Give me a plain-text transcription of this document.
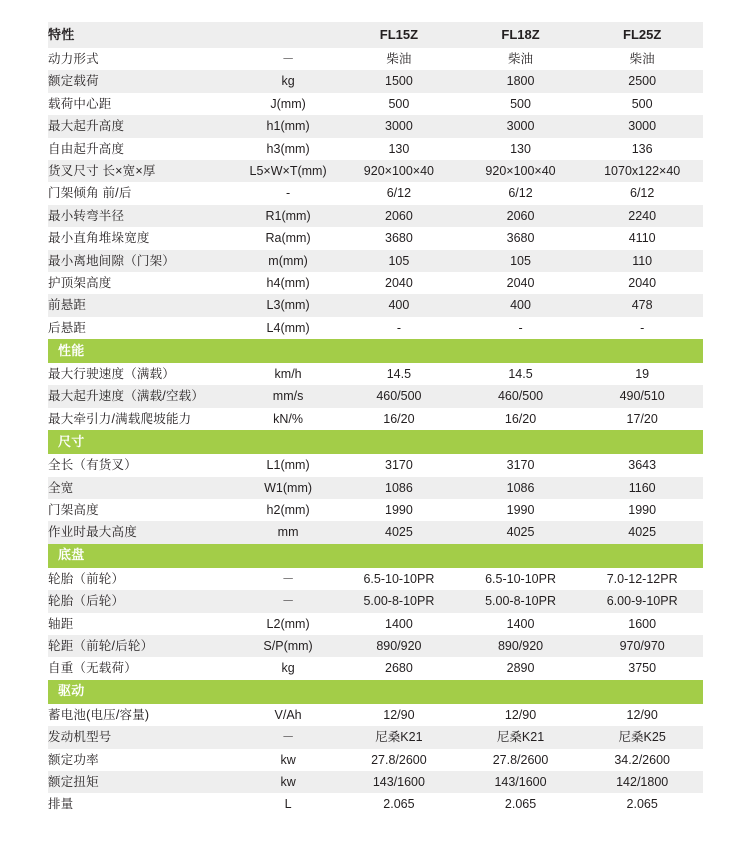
特性		FL15Z	FL18Z	FL25Z
动力形式	－	柴油	柴油	柴油
额定载荷	kg	1500	1800	2500
载荷中心距	J(mm)	500	500	500
最大起升高度	h1(mm)	3000	3000	3000
自由起升高度	h3(mm)	130	130	136
货叉尺寸 长×宽×厚	L5×W×T(mm)	920×100×40	920×100×40	1070x122×40
门架倾角 前/后	-	6/12	6/12	6/12
最小转弯半径	R1(mm)	2060	2060	2240
最小直角堆垛宽度	Ra(mm)	3680	3680	4110
最小离地间隙（门架）	m(mm)	105	105	110
护顶架高度	h4(mm)	2040	2040	2040
前悬距	L3(mm)	400	400	478
后悬距	L4(mm)	-	-	-
性能				
最大行驶速度（满载）	km/h	14.5	14.5	19
最大起升速度（满载/空载）	mm/s	460/500	460/500	490/510
最大牵引力/满载爬坡能力	kN/%	16/20	16/20	17/20
尺寸				
全长（有货叉）	L1(mm)	3170	3170	3643
全宽	W1(mm)	1086	1086	1160
门架高度	h2(mm)	1990	1990	1990
作业时最大高度	mm	4025	4025	4025
底盘				
轮胎（前轮）	－	6.5-10-10PR	6.5-10-10PR	7.0-12-12PR
轮胎（后轮）	－	5.00-8-10PR	5.00-8-10PR	6.00-9-10PR
轴距	L2(mm)	1400	1400	1600
轮距（前轮/后轮）	S/P(mm)	890/920	890/920	970/970
自重（无载荷）	kg	2680	2890	3750
驱动				
蓄电池(电压/容量)	V/Ah	12/90	12/90	12/90
发动机型号	－	尼桑K21	尼桑K21	尼桑K25
额定功率	kw	27.8/2600	27.8/2600	34.2/2600
额定扭矩	kw	143/1600	143/1600	142/1800
排量	L	2.065	2.065	2.065
